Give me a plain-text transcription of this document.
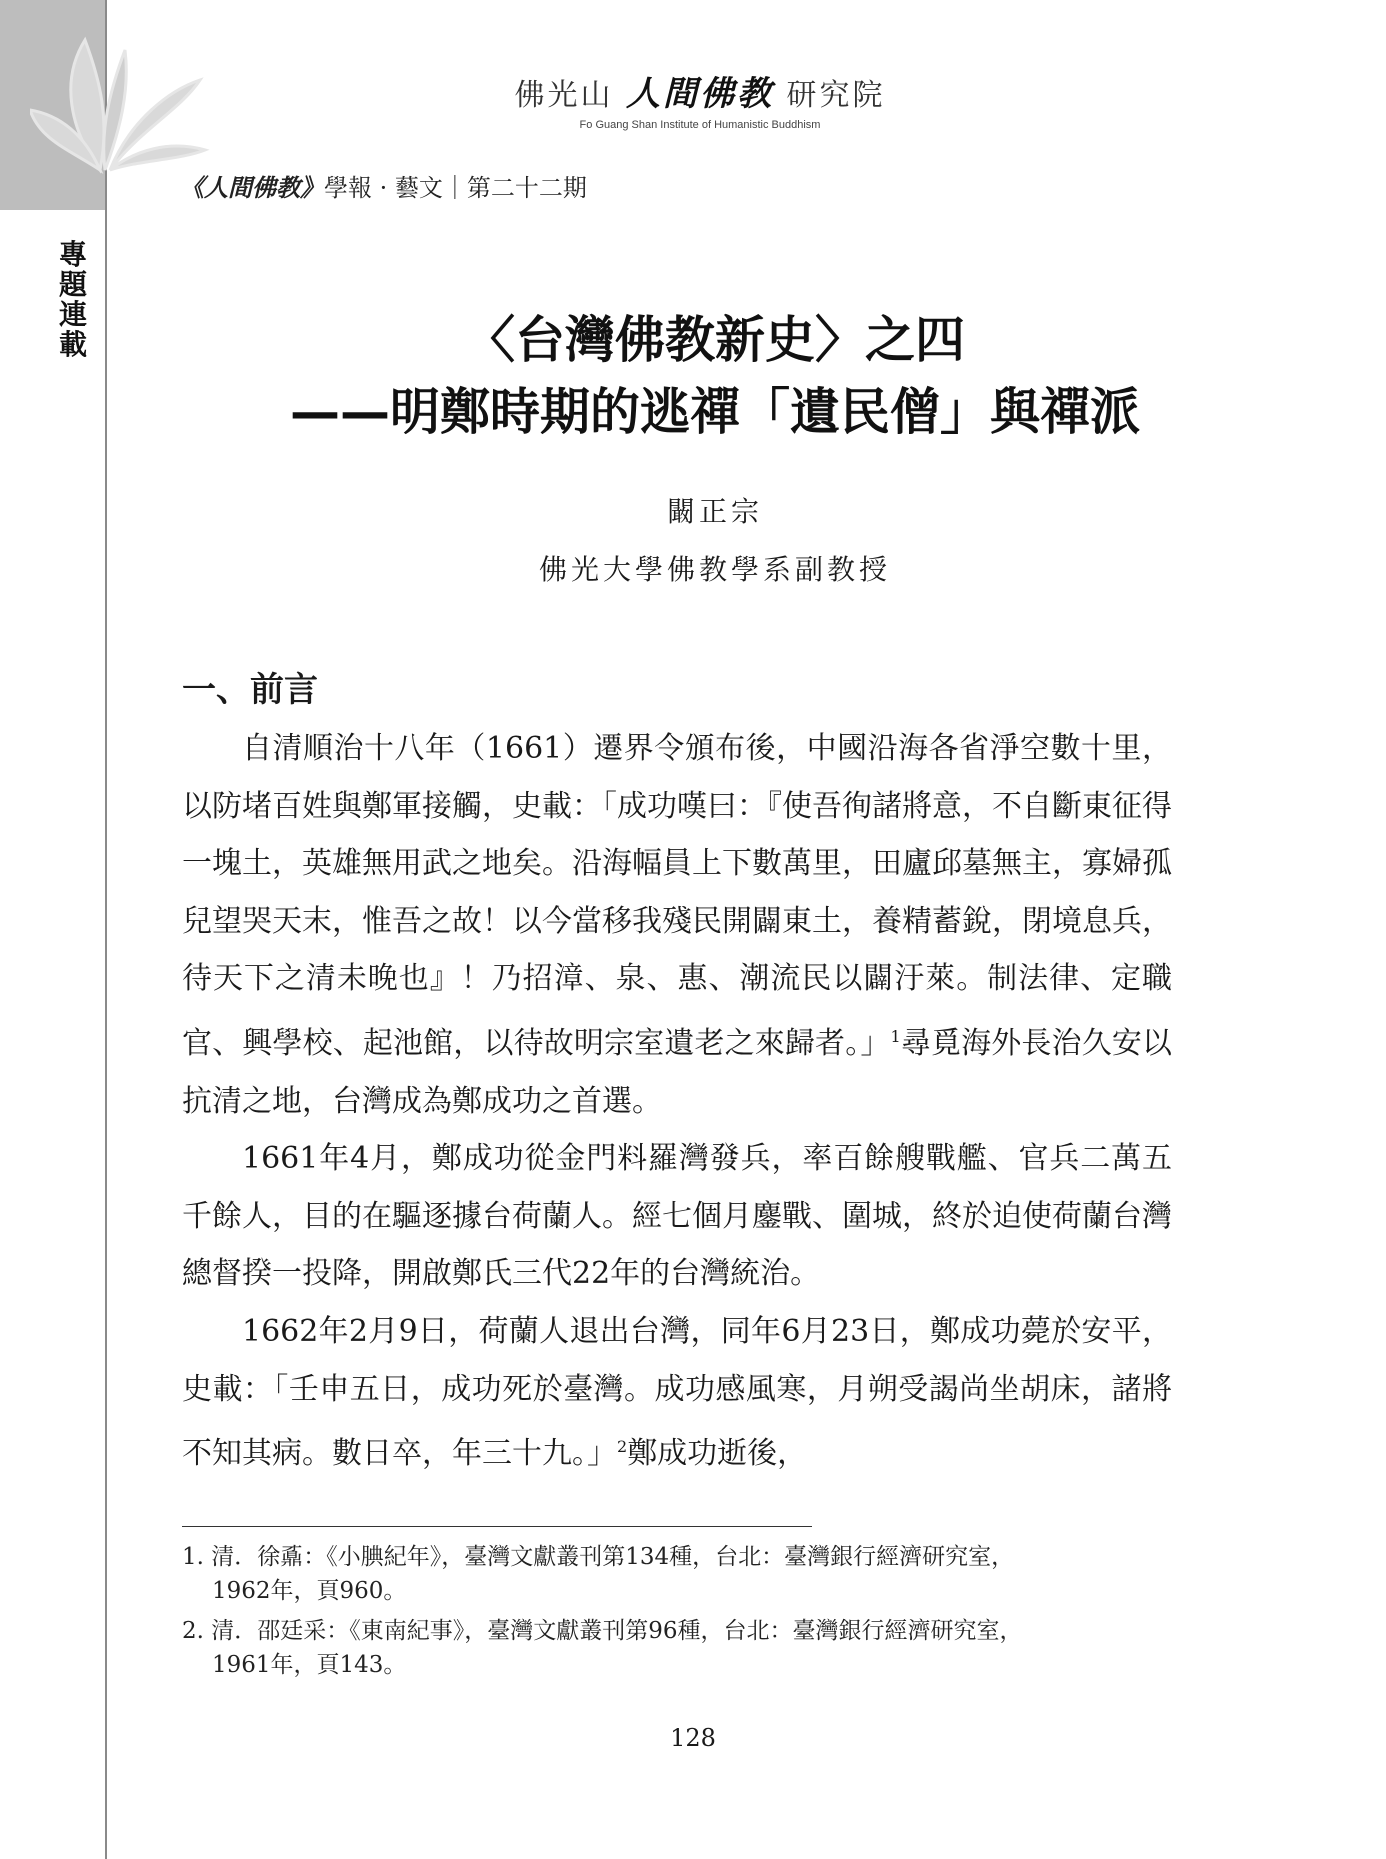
專
題
連
載
佛光山 人間佛教 研究院
Fo Guang Shan Institute of Humanistic Buddhism
《人間佛教》學報 · 藝文｜第二十二期
〈台灣佛教新史〉之四
——明鄭時期的逃禪「遺民僧」與禪派
闞正宗
佛光大學佛教學系副教授
一、前言

自清順治十八年（1661）遷界令頒布後，中國沿海各省淨空數十里，以防堵百姓與鄭軍接觸，史載：「成功嘆曰：『使吾徇諸將意，不自斷東征得一塊土，英雄無用武之地矣。沿海幅員上下數萬里，田廬邱墓無主，寡婦孤兒望哭天末，惟吾之故！以今當移我殘民開闢東土，養精蓄銳，閉境息兵，待天下之清未晚也』！乃招漳、泉、惠、潮流民以闢汙萊。制法律、定職官、興學校、起池館，以待故明宗室遺老之來歸者。」$^1$尋覓海外長治久安以抗清之地，台灣成為鄭成功之首選。

1661年4月，鄭成功從金門料羅灣發兵，率百餘艘戰艦、官兵二萬五千餘人，目的在驅逐據台荷蘭人。經七個月鏖戰、圍城，終於迫使荷蘭台灣總督揆一投降，開啟鄭氏三代22年的台灣統治。

1662年2月9日，荷蘭人退出台灣，同年6月23日，鄭成功薨於安平，史載：「壬申五日，成功死於臺灣。成功感風寒，月朔受謁尚坐胡床，諸將不知其病。數日卒，年三十九。」$^2$鄭成功逝後，

1. 清．徐鼒：《小腆紀年》，臺灣文獻叢刊第134種，台北：臺灣銀行經濟研究室，
1962年，頁960。
2. 清．邵廷采：《東南紀事》，臺灣文獻叢刊第96種，台北：臺灣銀行經濟研究室，
1961年，頁143。
128
